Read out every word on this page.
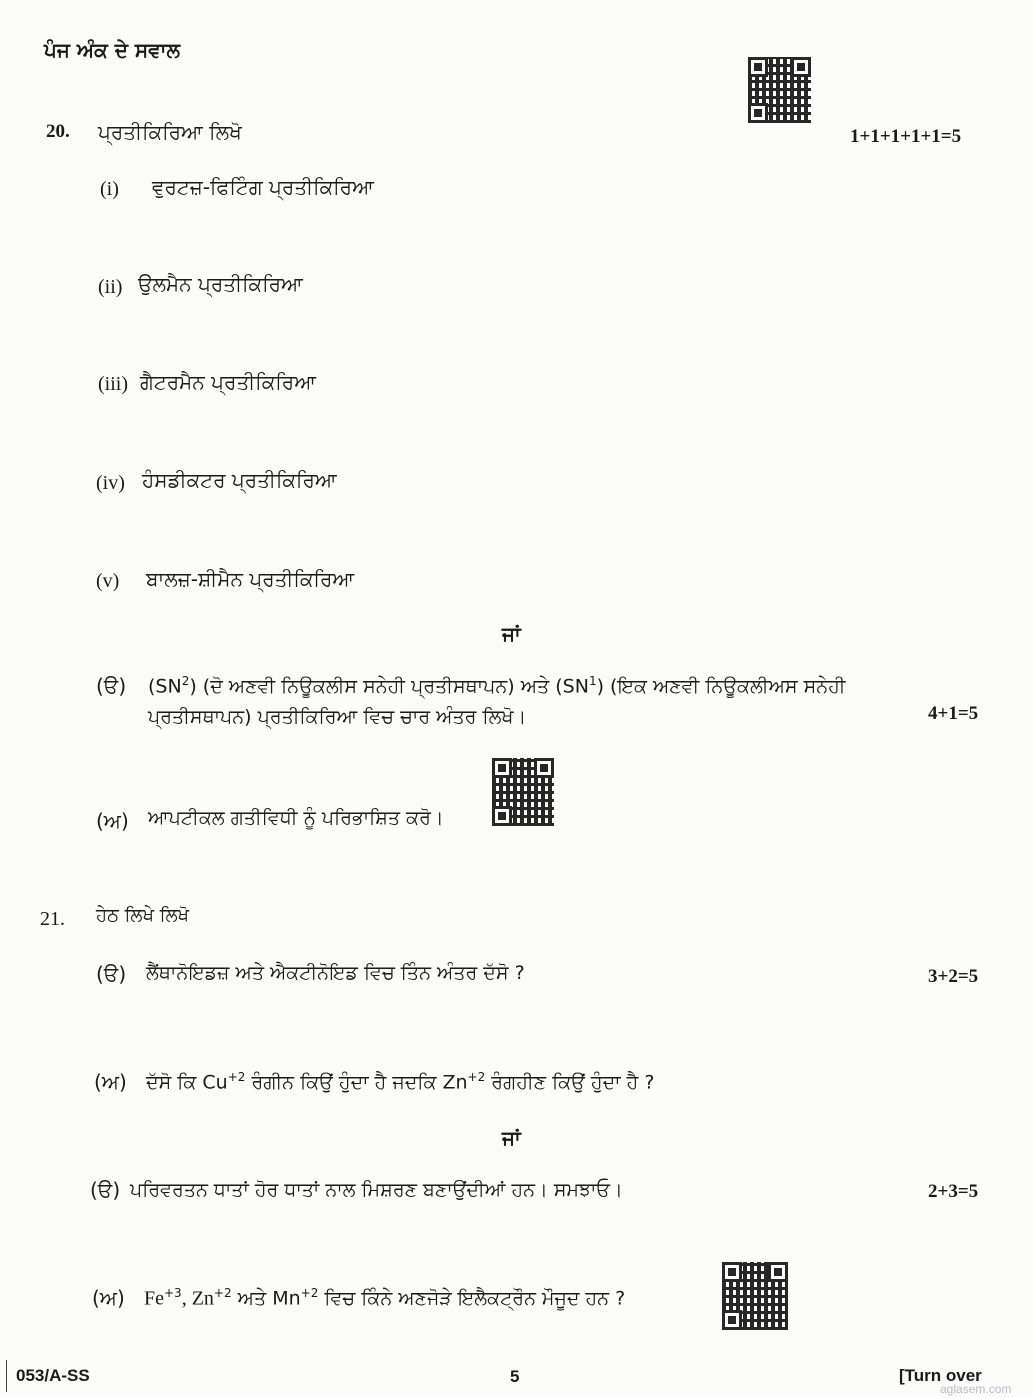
ਪੰਜ ਅੰਕ ਦੇ ਸਵਾਲ
20. ਪ੍ਰਤੀਕਿਰਿਆ ਲਿਖੋ	1+1+1+1+1=5
(i) ਵੁਰਟਜ਼-ਫਿਟਿੰਗ ਪ੍ਰਤੀਕਿਰਿਆ
(ii) ਉਲਮੈਨ ਪ੍ਰਤੀਕਿਰਿਆ
(iii) ਗੈਟਰਮੈਨ ਪ੍ਰਤੀਕਿਰਿਆ
(iv) ਹੰਸਡੀਕਟਰ ਪ੍ਰਤੀਕਿਰਿਆ
(v) ਬਾਲਜ਼-ਸ਼ੀਮੈਨ ਪ੍ਰਤੀਕਿਰਿਆ
ਜਾਂ
(ੳ) $(SN^2)$ (ਦੋ ਅਣਵੀ ਨਿਊਕਲੀਸ ਸਨੇਹੀ ਪ੍ਰਤੀਸਥਾਪਨ) ਅਤੇ $(SN^1)$ (ਇਕ ਅਣਵੀ ਨਿਊਕਲੀਅਸ ਸਨੇਹੀ
ਪ੍ਰਤੀਸਥਾਪਨ) ਪ੍ਰਤੀਕਿਰਿਆ ਵਿਚ ਚਾਰ ਅੰਤਰ ਲਿਖੋ।	4+1=5
(ਅ) ਆਪਟੀਕਲ ਗਤੀਵਿਧੀ ਨੂੰ ਪਰਿਭਾਸ਼ਿਤ ਕਰੋ।
21. ਹੇਠ ਲਿਖੇ ਲਿਖੋ
(ੳ) ਲੈਂਥਾਨੋਇਡਜ਼ ਅਤੇ ਐਕਟੀਨੋਇਡ ਵਿਚ ਤਿੰਨ ਅੰਤਰ ਦੱਸੋ ?	3+2=5
(ਅ) ਦੱਸੋ ਕਿ $Cu^{+2}$ ਰੰਗੀਨ ਕਿਉਂ ਹੁੰਦਾ ਹੈ ਜਦਕਿ $Zn^{+2}$ ਰੰਗਹੀਣ ਕਿਉਂ ਹੁੰਦਾ ਹੈ ?
ਜਾਂ
(ੳ) ਪਰਿਵਰਤਨ ਧਾਤਾਂ ਹੋਰ ਧਾਤਾਂ ਨਾਲ ਮਿਸ਼ਰਣ ਬਣਾਉਂਦੀਆਂ ਹਨ। ਸਮਝਾਓ।	2+3=5
(ਅ) $Fe^{+3}$, $Zn^{+2}$ ਅਤੇ $Mn^{+2}$ ਵਿਚ ਕਿੰਨੇ ਅਣਜੋੜੇ ਇਲੈਕਟ੍ਰੌਨ ਮੌਜੂਦ ਹਨ ?
053/A-SS	5	[Turn over
aglasem.com
